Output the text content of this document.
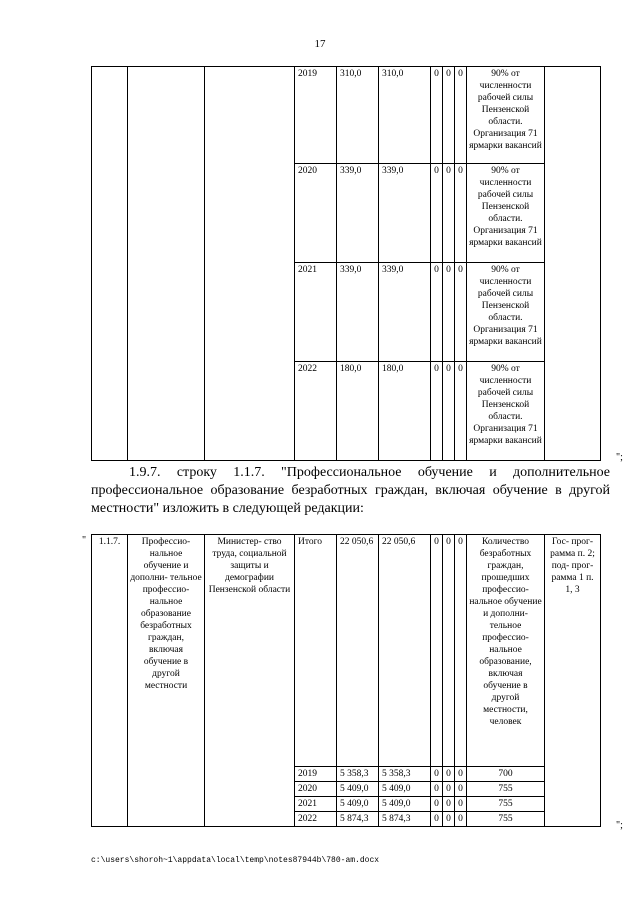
17
			2019	310,0	310,0	0	0	0	90% от численности рабочей силы Пензенской области. Организация 71 ярмарки вакансий	
			2020	339,0	339,0	0	0	0	90% от численности рабочей силы Пензенской области. Организация 71 ярмарки вакансий	
			2021	339,0	339,0	0	0	0	90% от численности рабочей силы Пензенской области. Организация 71 ярмарки вакансий	
			2022	180,0	180,0	0	0	0	90% от численности рабочей силы Пензенской области. Организация 71 ярмарки вакансий	
";
1.9.7. строку 1.1.7. "Профессиональное обучение и дополнительное профессиональное образование безработных граждан, включая обучение в другой местности" изложить в следующей редакции:
" 1.1.7.	Профессио- нальное обучение и дополни- тельное профессио- нальное образование безработных граждан, включая обучение в другой местности	Министер- ство труда, социальной защиты и демографии Пензенской области	Итого	22 050,6	22 050,6	0	0	0	Количество безработных граждан, прошедших профессио- нальное обучение и дополни- тельное профессио- нальное образование, включая обучение в другой местности, человек	Гос- прог- рамма п. 2; под- прог- рамма 1 п. 1, 3
			2019	5 358,3	5 358,3	0	0	0	700	
			2020	5 409,0	5 409,0	0	0	0	755	
			2021	5 409,0	5 409,0	0	0	0	755	
			2022	5 874,3	5 874,3	0	0	0	755	
";
c:\users\shoroh~1\appdata\local\temp\notes87944b\780-am.docx
